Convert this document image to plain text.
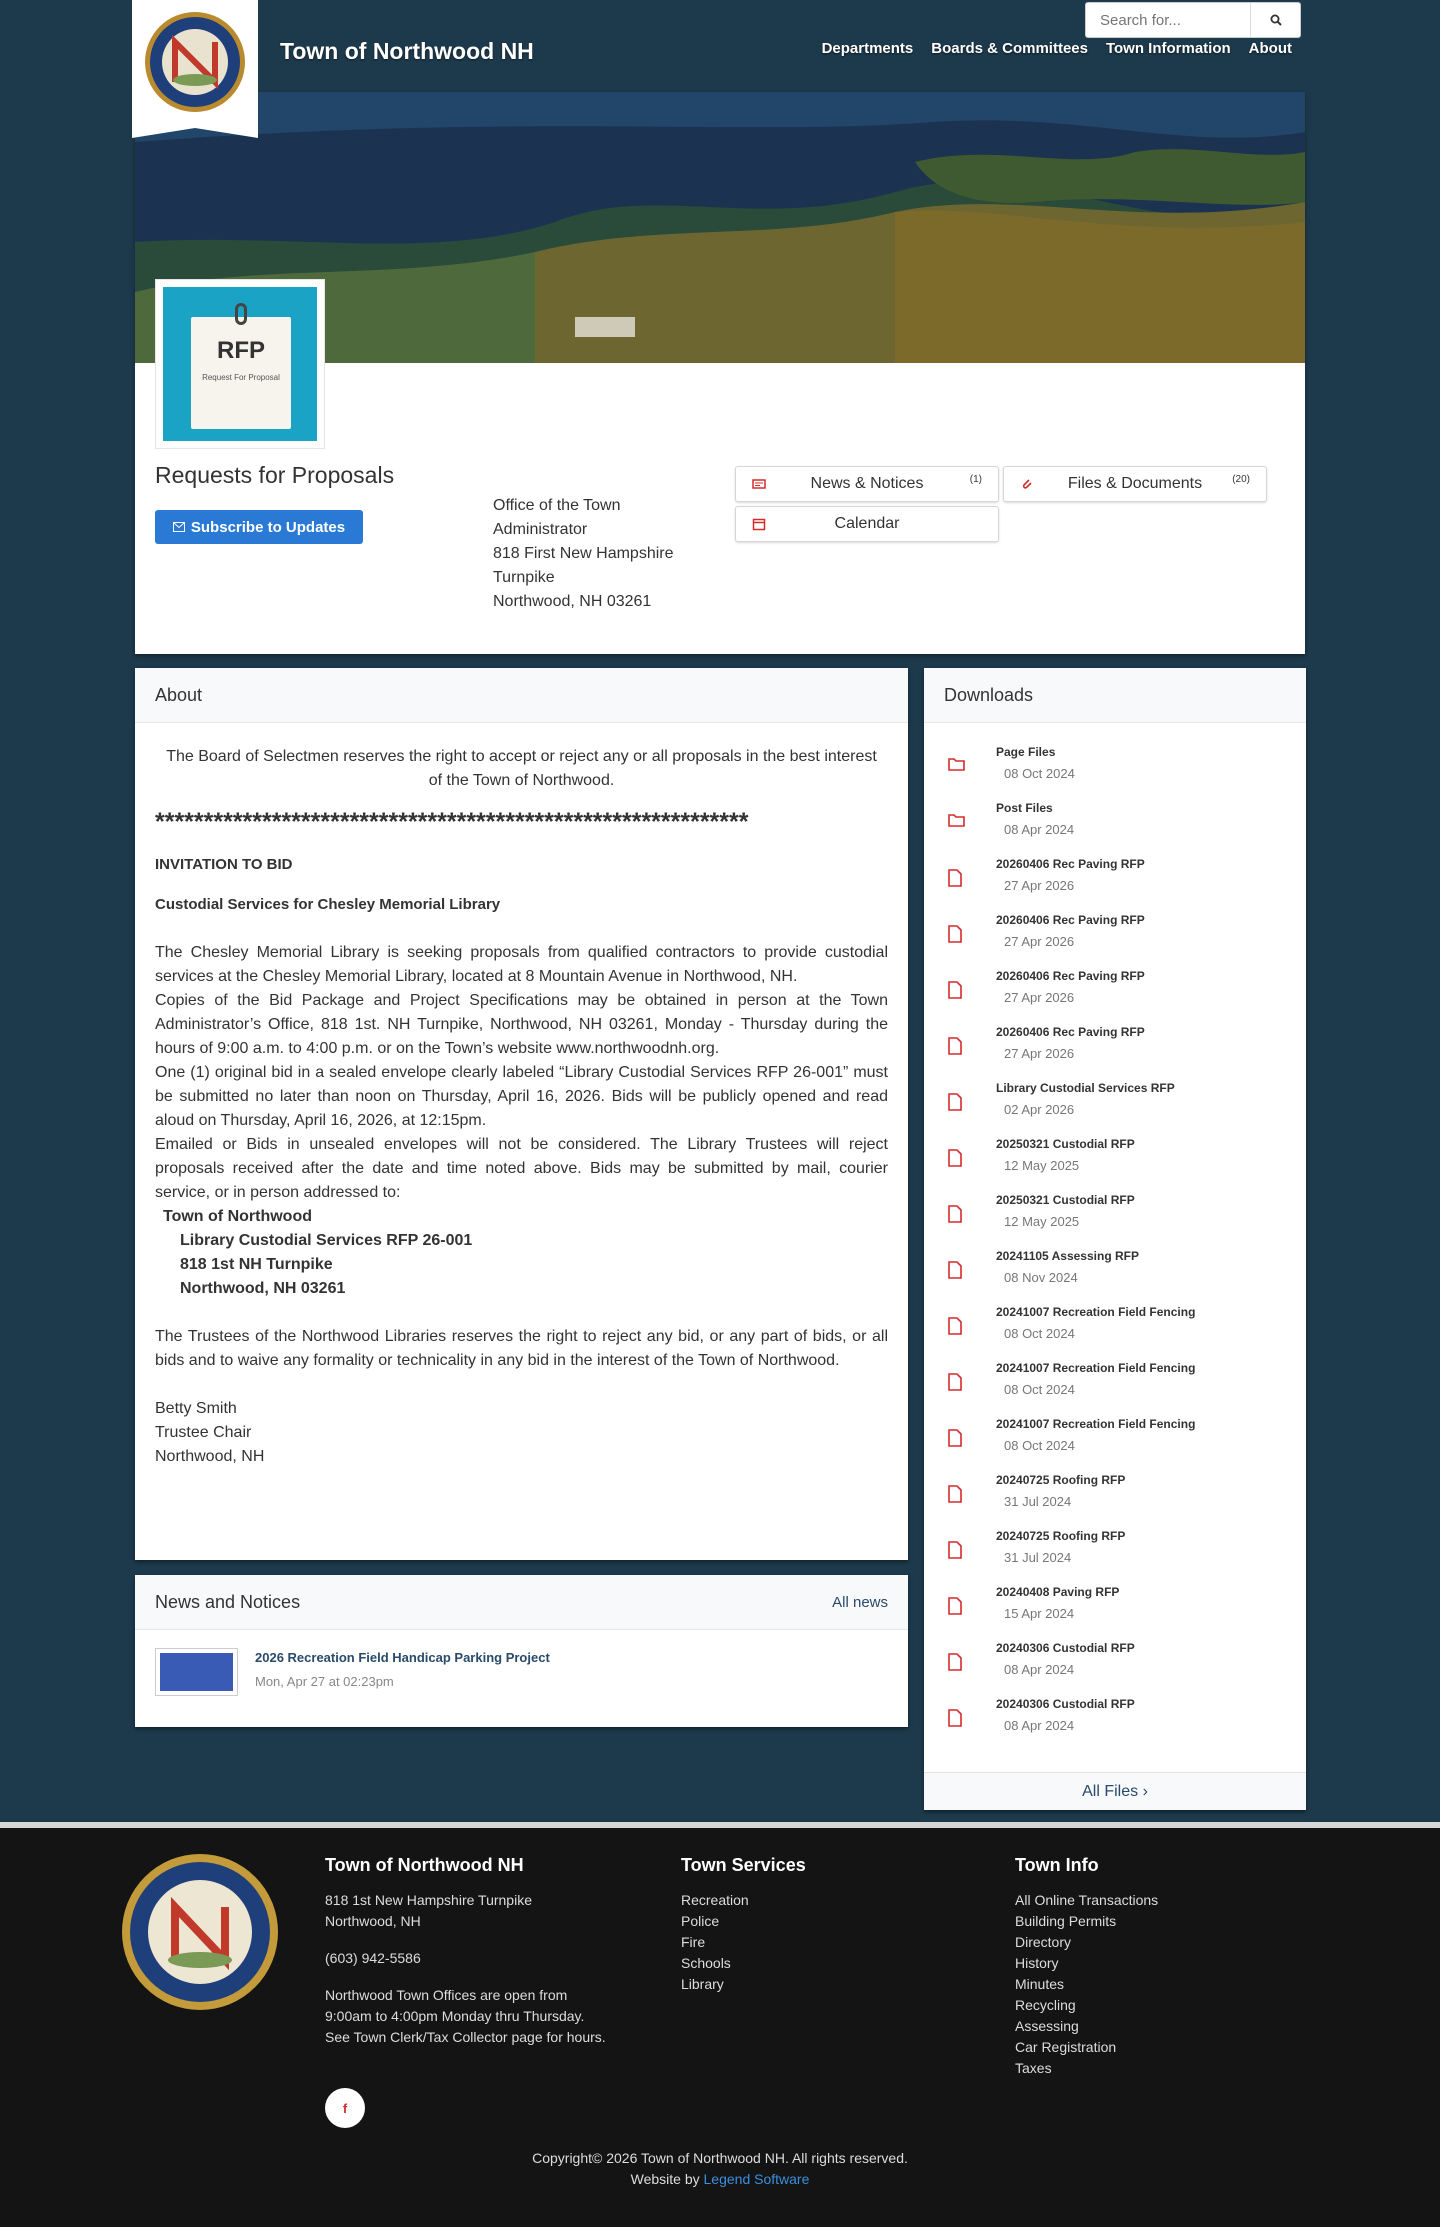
Town of Northwood NH
Search for...	Departments Boards & Committees Town Information About
RFP
Request For Proposal
Requests for Proposals
Subscribe to Updates
Office of the Town
Administrator
818 First New Hampshire
Turnpike
Northwood, NH 03261
News & Notices	(1)	Files & Documents	(20)
Calendar
About

The Board of Selectmen reserves the right to accept or reject any or all proposals in the best interest of the Town of Northwood.

*************************************************************

INVITATION TO BID

Custodial Services for Chesley Memorial Library

The Chesley Memorial Library is seeking proposals from qualified contractors to provide custodial services at the Chesley Memorial Library, located at 8 Mountain Avenue in Northwood, NH.

Copies of the Bid Package and Project Specifications may be obtained in person at the Town Administrator’s Office, 818 1st. NH Turnpike, Northwood, NH 03261, Monday - Thursday during the hours of 9:00 a.m. to 4:00 p.m. or on the Town’s website www.northwoodnh.org.

One (1) original bid in a sealed envelope clearly labeled “Library Custodial Services RFP 26-001” must be submitted no later than noon on Thursday, April 16, 2026. Bids will be publicly opened and read aloud on Thursday, April 16, 2026, at 12:15pm.

Emailed or Bids in unsealed envelopes will not be considered. The Library Trustees will reject proposals received after the date and time noted above. Bids may be submitted by mail, courier service, or in person addressed to:

Town of Northwood

Library Custodial Services RFP 26-001

818 1st NH Turnpike

Northwood, NH 03261

The Trustees of the Northwood Libraries reserves the right to reject any bid, or any part of bids, or all bids and to waive any formality or technicality in any bid in the interest of the Town of Northwood.

Betty Smith

Trustee Chair

Northwood, NH

News and Notices	All news
2026 Recreation Field Handicap Parking Project
Mon, Apr 27 at 02:23pm
Downloads
Page Files
08 Oct 2024
Post Files
08 Apr 2024
20260406 Rec Paving RFP
27 Apr 2026
20260406 Rec Paving RFP
27 Apr 2026
20260406 Rec Paving RFP
27 Apr 2026
20260406 Rec Paving RFP
27 Apr 2026
Library Custodial Services RFP
02 Apr 2026
20250321 Custodial RFP
12 May 2025
20250321 Custodial RFP
12 May 2025
20241105 Assessing RFP
08 Nov 2024
20241007 Recreation Field Fencing
08 Oct 2024
20241007 Recreation Field Fencing
08 Oct 2024
20241007 Recreation Field Fencing
08 Oct 2024
20240725 Roofing RFP
31 Jul 2024
20240725 Roofing RFP
31 Jul 2024
20240408 Paving RFP
15 Apr 2024
20240306 Custodial RFP
08 Apr 2024
20240306 Custodial RFP
08 Apr 2024
All Files ›
Town of Northwood NH
818 1st New Hampshire Turnpike
Northwood, NH
(603) 942-5586
Northwood Town Offices are open from 9:00am to 4:00pm Monday thru Thursday. See Town Clerk/Tax Collector page for hours.
f
Town Services
Recreation
Police
Fire
Schools
Library
Town Info
All Online Transactions
Building Permits
Directory
History
Minutes
Recycling
Assessing
Car Registration
Taxes
Copyright© 2026 Town of Northwood NH. All rights reserved.
Website by Legend Software
